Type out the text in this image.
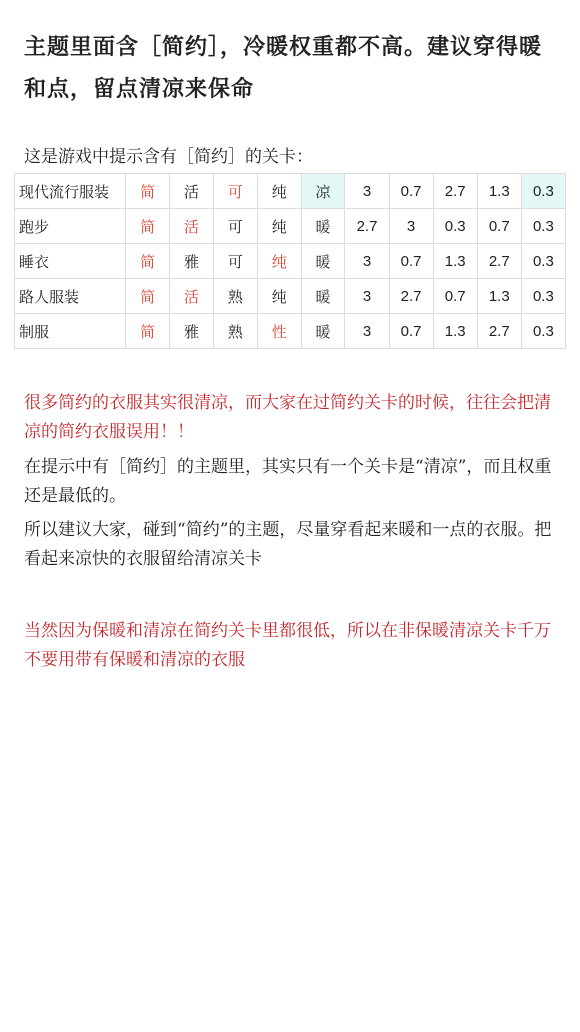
主题里面含［简约］，冷暖权重都不高。建议穿得暖和点，留点清凉来保命

这是游戏中提示含有［简约］的关卡：

现代流行服装	简	活	可	纯	凉	3	0.7	2.7	1.3	0.3
跑步	简	活	可	纯	暖	2.7	3	0.3	0.7	0.3
睡衣	简	雅	可	纯	暖	3	0.7	1.3	2.7	0.3
路人服装	简	活	熟	纯	暖	3	2.7	0.7	1.3	0.3
制服	简	雅	熟	性	暖	3	0.7	1.3	2.7	0.3

很多简约的衣服其实很清凉，而大家在过简约关卡的时候，往往会把清凉的简约衣服误用！！

在提示中有［简约］的主题里，其实只有一个关卡是“清凉”，而且权重还是最低的。

所以建议大家，碰到“简约”的主题，尽量穿看起来暖和一点的衣服。把看起来凉快的衣服留给清凉关卡

当然因为保暖和清凉在简约关卡里都很低，所以在非保暖清凉关卡千万不要用带有保暖和清凉的衣服
